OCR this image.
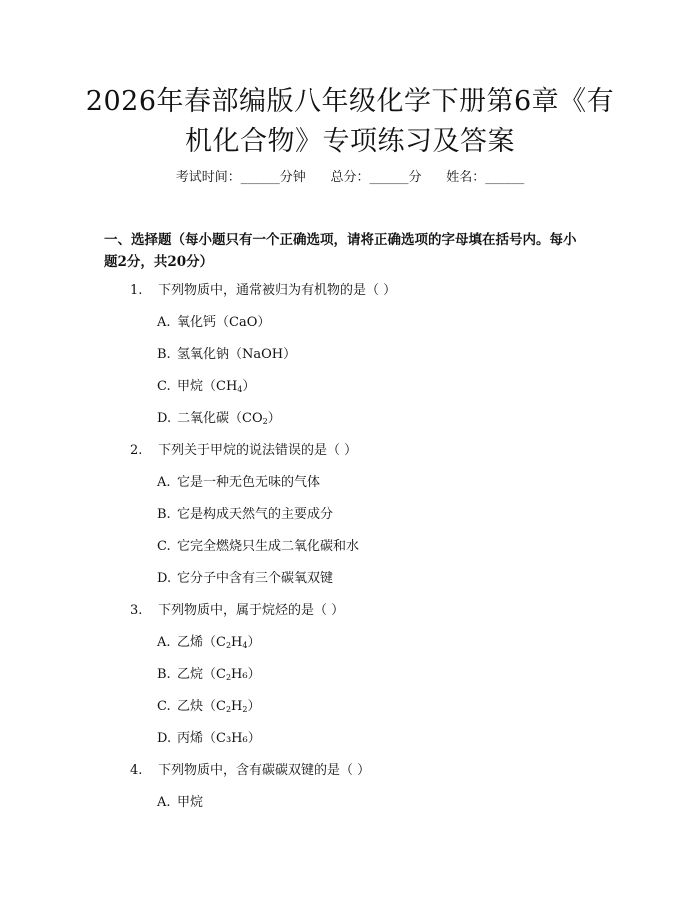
2026年春部编版八年级化学下册第6章《有
机化合物》专项练习及答案
考试时间：______分钟      总分：______分      姓名：______
一、选择题（每小题只有一个正确选项，请将正确选项的字母填在括号内。每小
题2分，共20分）
1. 下列物质中，通常被归为有机物的是（ ）
A. 氧化钙（CaO）
B. 氢氧化钠（NaOH）
C. 甲烷$(CH_4)$
D. 二氧化碳$(CO_2)$
2. 下列关于甲烷的说法错误的是（ ）
A. 它是一种无色无味的气体
B. 它是构成天然气的主要成分
C. 它完全燃烧只生成二氧化碳和水
D. 它分子中含有三个碳氧双键
3. 下列物质中，属于烷烃的是（ ）
A. 乙烯$(C_2H_4)$
B. 乙烷$(C_2H_6)$
C. 乙炔$(C_2H_2)$
D. 丙烯（C₃H₆）
4. 下列物质中，含有碳碳双键的是（ ）
A. 甲烷
